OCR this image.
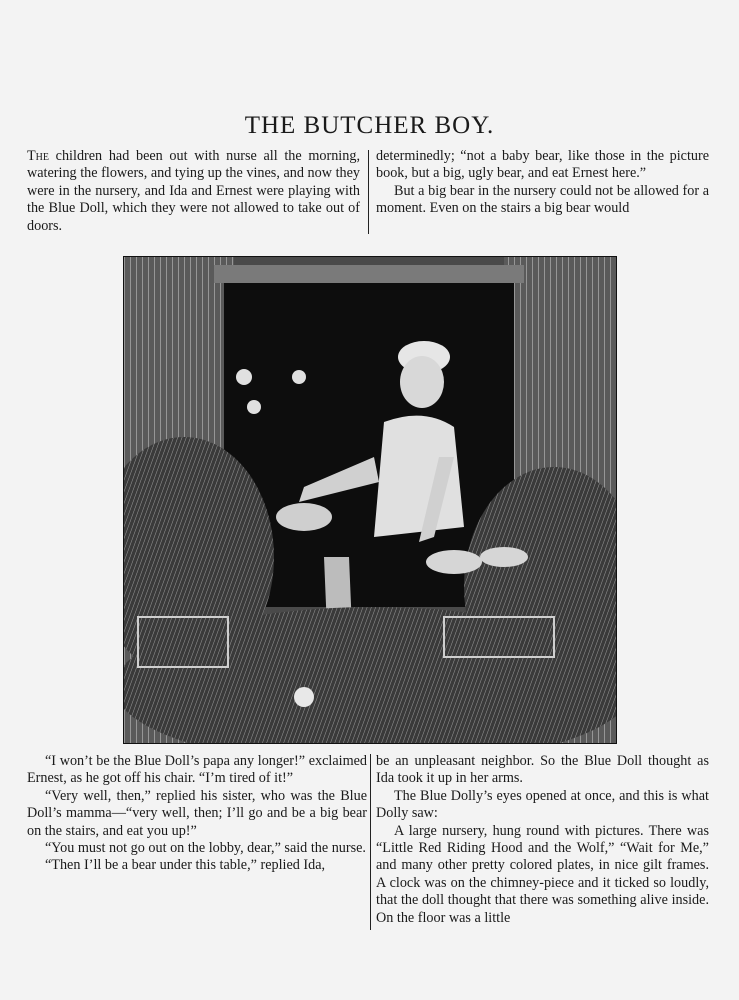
THE BUTCHER BOY.

The children had been out with nurse all the morning, watering the flowers, and tying up the vines, and now they were in the nursery, and Ida and Ernest were playing with the Blue Doll, which they were not allowed to take out of doors.

determinedly; “not a baby bear, like those in the picture book, but a big, ugly bear, and eat Ernest here.”

But a big bear in the nursery could not be allowed for a moment. Even on the stairs a big bear would

“I won’t be the Blue Doll’s papa any longer!” exclaimed Ernest, as he got off his chair. “I’m tired of it!”

“Very well, then,” replied his sister, who was the Blue Doll’s mamma—“very well, then; I’ll go and be a big bear on the stairs, and eat you up!”

“You must not go out on the lobby, dear,” said the nurse.

“Then I’ll be a bear under this table,” replied Ida,

be an unpleasant neighbor. So the Blue Doll thought as Ida took it up in her arms.

The Blue Dolly’s eyes opened at once, and this is what Dolly saw:

A large nursery, hung round with pictures. There was “Little Red Riding Hood and the Wolf,” “Wait for Me,” and many other pretty colored plates, in nice gilt frames. A clock was on the chimney-piece and it ticked so loudly, that the doll thought that there was something alive inside. On the floor was a little
